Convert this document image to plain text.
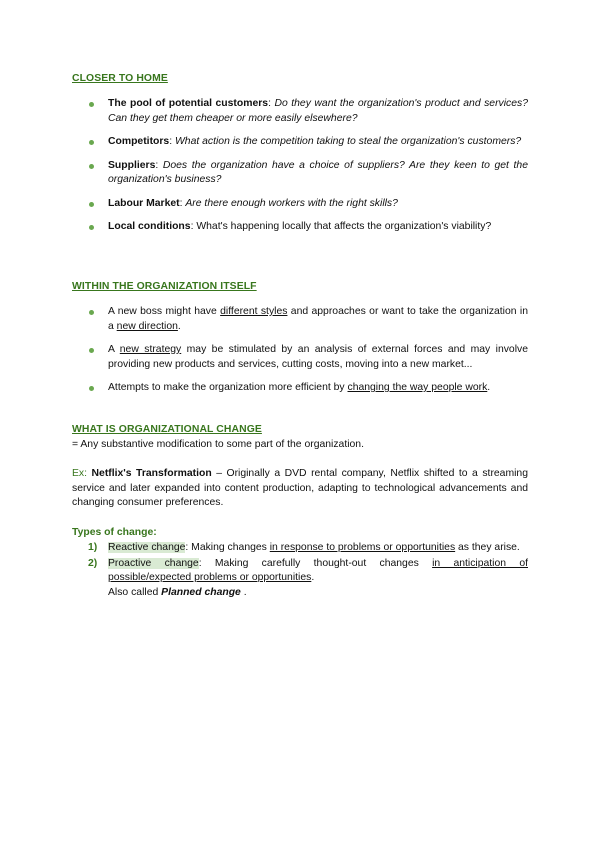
CLOSER TO HOME
The pool of potential customers: Do they want the organization's product and services? Can they get them cheaper or more easily elsewhere?
Competitors: What action is the competition taking to steal the organization's customers?
Suppliers: Does the organization have a choice of suppliers? Are they keen to get the organization's business?
Labour Market: Are there enough workers with the right skills?
Local conditions: What's happening locally that affects the organization's viability?
WITHIN THE ORGANIZATION ITSELF
A new boss might have different styles and approaches or want to take the organization in a new direction.
A new strategy may be stimulated by an analysis of external forces and may involve providing new products and services, cutting costs, moving into a new market...
Attempts to make the organization more efficient by changing the way people work.
WHAT IS ORGANIZATIONAL CHANGE
= Any substantive modification to some part of the organization.
Ex: Netflix's Transformation – Originally a DVD rental company, Netflix shifted to a streaming service and later expanded into content production, adapting to technological advancements and changing consumer preferences.
Types of change:
1) Reactive change: Making changes in response to problems or opportunities as they arise.
2) Proactive change: Making carefully thought-out changes in anticipation of possible/expected problems or opportunities.
Also called Planned change .
